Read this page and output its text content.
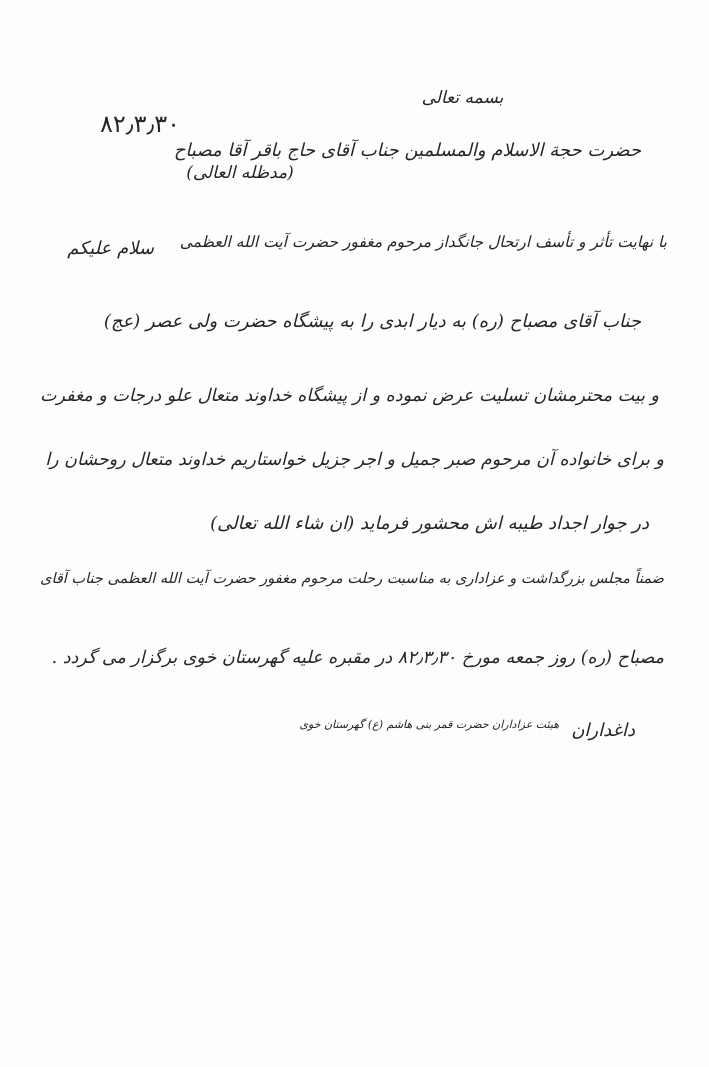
بسمه تعالی
۸۲٫۳٫۳۰
حضرت حجة الاسلام والمسلمین جناب آقای حاج باقر آقا مصباح
(مدظله العالی)
سلام علیکم	با نهایت تأثر و تأسف ارتحال جانگداز مرحوم مغفور حضرت آیت الله العظمی
جناب آقای مصباح (ره) به دیار ابدی را به پیشگاه حضرت ولی عصر (عج)
و بیت محترمشان تسلیت عرض نموده و از پیشگاه خداوند متعال علو درجات و مغفرت
و برای خانواده آن مرحوم صبر جمیل و اجر جزیل خواستاریم خداوند متعال روحشان را
در جوار اجداد طیبه اش محشور فرماید (ان شاء الله تعالی)
ضمناً مجلس بزرگداشت و عزاداری به مناسبت رحلت مرحوم مغفور حضرت آیت الله العظمی جناب آقای
مصباح (ره) روز جمعه مورخ ۸۲٫۳٫۳۰ در مقبره علیه گهرستان خوی برگزار می گردد .
هیئت عزاداران حضرت قمر بنی هاشم (ع) گهرستان خوی داغداران
